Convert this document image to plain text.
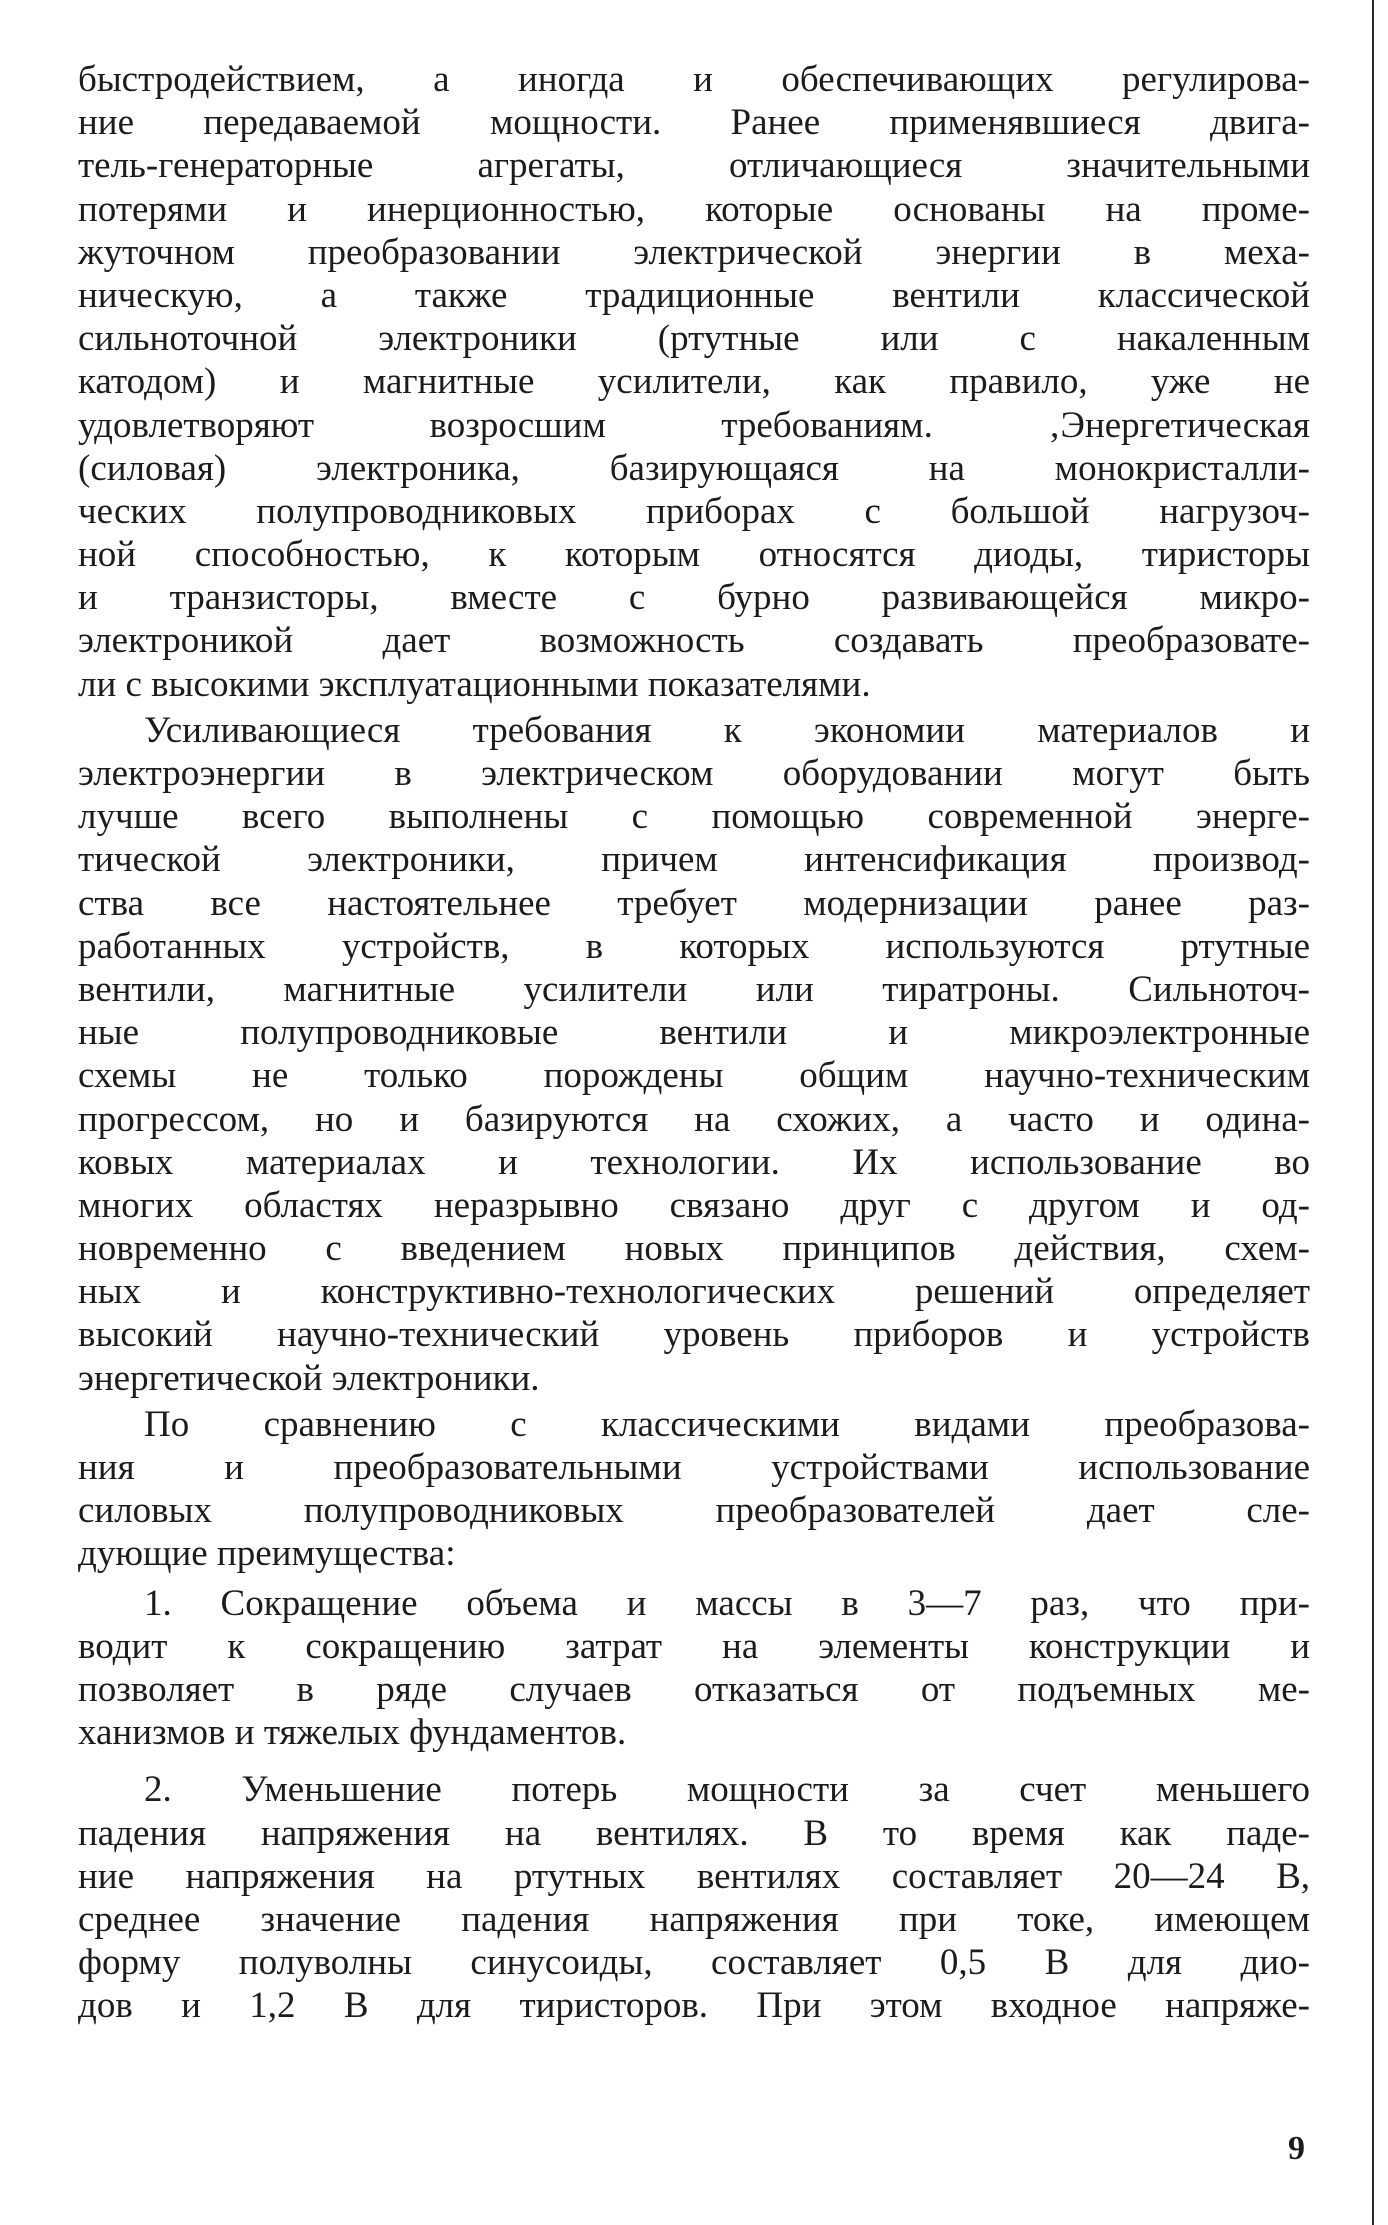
быстродействием, а иногда и обеспечивающих регулирова-
ние передаваемой мощности. Ранее применявшиеся двига-
тель-генераторные агрегаты, отличающиеся значительными
потерями и инерционностью, которые основаны на проме-
жуточном преобразовании электрической энергии в меха-
ническую, а также традиционные вентили классической
сильноточной электроники (ртутные или с накаленным
катодом) и магнитные усилители, как правило, уже не
удовлетворяют возросшим требованиям. ‚Энергетическая
(силовая) электроника, базирующаяся на монокристалли-
ческих полупроводниковых приборах с большой нагрузоч-
ной способностью, к которым относятся диоды, тиристоры
и транзисторы, вместе с бурно развивающейся микро-
электроникой дает возможность создавать преобразовате-
ли с высокими эксплуатационными показателями.
Усиливающиеся требования к экономии материалов и
электроэнергии в электрическом оборудовании могут быть
лучше всего выполнены с помощью современной энерге-
тической электроники, причем интенсификация производ-
ства все настоятельнее требует модернизации ранее раз-
работанных устройств, в которых используются ртутные
вентили, магнитные усилители или тиратроны. Сильноточ-
ные полупроводниковые вентили и микроэлектронные
схемы не только порождены общим научно-техническим
прогрессом, но и базируются на схожих, а часто и одина-
ковых материалах и технологии. Их использование во
многих областях неразрывно связано друг с другом и од-
новременно с введением новых принципов действия, схем-
ных и конструктивно-технологических решений определяет
высокий научно-технический уровень приборов и устройств
энергетической электроники.
По сравнению с классическими видами преобразова-
ния и преобразовательными устройствами использование
силовых полупроводниковых преобразователей дает сле-
дующие преимущества:
1. Сокращение объема и массы в 3—7 раз, что при-
водит к сокращению затрат на элементы конструкции и
позволяет в ряде случаев отказаться от подъемных ме-
ханизмов и тяжелых фундаментов.
2. Уменьшение потерь мощности за счет меньшего
падения напряжения на вентилях. В то время как паде-
ние напряжения на ртутных вентилях составляет 20—24 В,
среднее значение падения напряжения при токе, имеющем
форму полуволны синусоиды, составляет 0,5 В для дио-
дов и 1,2 В для тиристоров. При этом входное напряже-
9
